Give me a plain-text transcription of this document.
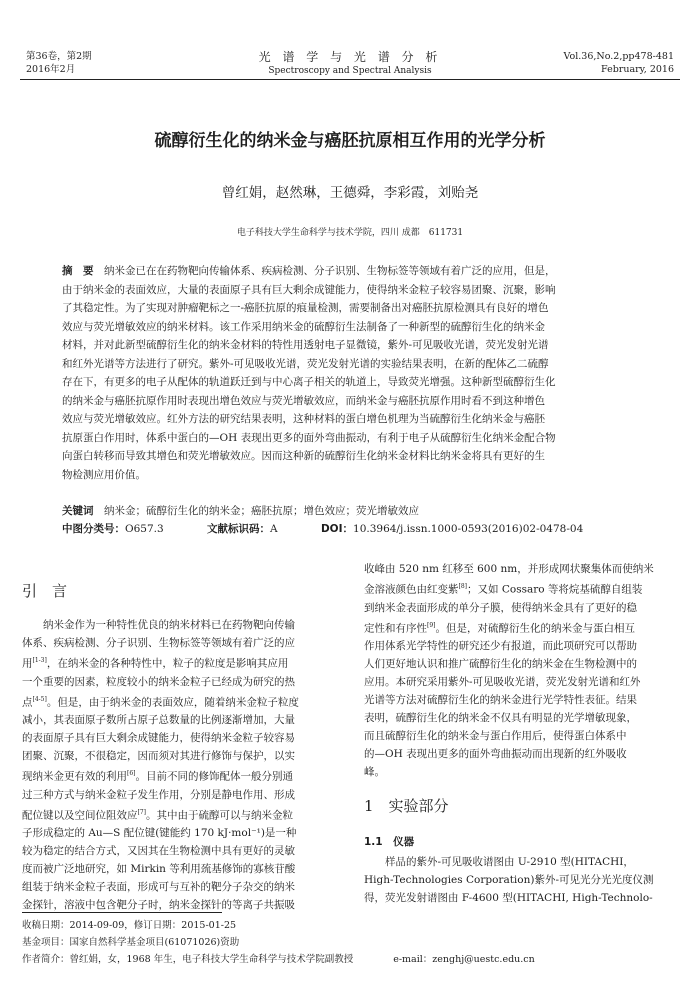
第36卷，第2期
2016年2月
光 谱 学 与 光 谱 分 析
Spectroscopy and Spectral Analysis
Vol.36,No.2,pp478-481
February, 2016
硫醇衍生化的纳米金与癌胚抗原相互作用的光学分析
曾红娟，赵然琳，王德舜，李彩霞，刘贻尧
电子科技大学生命科学与技术学院，四川 成都　611731
摘　要　 纳米金已在在药物靶向传输体系、疾病检测、分子识别、生物标签等领域有着广泛的应用，但是，
由于纳米金的表面效应，大量的表面原子具有巨大剩余成键能力，使得纳米金粒子较容易团聚、沉聚，影响
了其稳定性。为了实现对肿瘤靶标之一-癌胚抗原的痕量检测，需要制备出对癌胚抗原检测具有良好的增色
效应与荧光增敏效应的纳米材料。该工作采用纳米金的硫醇衍生法制备了一种新型的硫醇衍生化的纳米金
材料，并对此新型硫醇衍生化的纳米金材料的特性用透射电子显微镜，紫外-可见吸收光谱，荧光发射光谱
和红外光谱等方法进行了研究。紫外-可见吸收光谱，荧光发射光谱的实验结果表明，在新的配体乙二硫醇
存在下，有更多的电子从配体的轨道跃迁到与中心离子相关的轨道上，导致荧光增强。这种新型硫醇衍生化
的纳米金与癌胚抗原作用时表现出增色效应与荧光增敏效应，而纳米金与癌胚抗原作用时看不到这种增色
效应与荧光增敏效应。红外方法的研究结果表明，这种材料的蛋白增色机理为当硫醇衍生化纳米金与癌胚
抗原蛋白作用时，体系中蛋白的—OH 表现出更多的面外弯曲振动，有利于电子从硫醇衍生化纳米金配合物
向蛋白转移而导致其增色和荧光增敏效应。因而这种新的硫醇衍生化纳米金材料比纳米金将具有更好的生
物检测应用价值。
关键词　 纳米金；硫醇衍生化的纳米金；癌胚抗原；增色效应；荧光增敏效应
中图分类号：O657.3	文献标识码：A	DOI：10.3964/j.issn.1000-0593(2016)02-0478-04
引　言
纳米金作为一种特性优良的纳米材料已在药物靶向传输
体系、疾病检测、分子识别、生物标签等领域有着广泛的应
用[1-3]，在纳米金的各种特性中，粒子的粒度是影响其应用
一个重要的因素，粒度较小的纳米金粒子已经成为研究的热
点[4-5]。但是，由于纳米金的表面效应，随着纳米金粒子粒度
减小，其表面原子数所占原子总数量的比例逐渐增加，大量
的表面原子具有巨大剩余成键能力，使得纳米金粒子较容易
团聚、沉聚，不很稳定，因而须对其进行修饰与保护，以实
现纳米金更有效的利用[6]。目前不同的修饰配体一般分别通
过三种方式与纳米金粒子发生作用，分别是静电作用、形成
配位键以及空间位阻效应[7]。其中由于硫醇可以与纳米金粒
子形成稳定的 Au—S 配位键(键能约 170 kJ·mol⁻¹)是一种
较为稳定的结合方式，又因其在生物检测中具有更好的灵敏
度而被广泛地研究，如 Mirkin 等利用巯基修饰的寡核苷酸
组装于纳米金粒子表面，形成可与互补的靶分子杂交的纳米
金探针，溶液中包含靶分子时，纳米金探针的等离子共振吸
收峰由 520 nm 红移至 600 nm，并形成网状聚集体而使纳米
金溶液颜色由红变紫[8]；又如 Cossaro 等将烷基硫醇自组装
到纳米金表面形成的单分子膜，使得纳米金具有了更好的稳
定性和有序性[9]。但是，对硫醇衍生化的纳米金与蛋白相互
作用体系光学特性的研究还少有报道，而此项研究可以帮助
人们更好地认识和推广硫醇衍生化的纳米金在生物检测中的
应用。本研究采用紫外-可见吸收光谱，荧光发射光谱和红外
光谱等方法对硫醇衍生化的纳米金进行光学特性表征。结果
表明，硫醇衍生化的纳米金不仅具有明显的光学增敏现象，
而且硫醇衍生化的纳米金与蛋白作用后，使得蛋白体系中
的—OH 表现出更多的面外弯曲振动而出现新的红外吸收
峰。
1　实验部分
1.1　仪器
样品的紫外-可见吸收谱图由 U-2910 型(HITACHI，
High-Technologies Corporation)紫外-可见光分光光度仪测
得，荧光发射谱图由 F-4600 型(HITACHI, High-Technolo-
收稿日期：2014-09-09，修订日期：2015-01-25
基金项目：国家自然科学基金项目(61071026)资助
作者简介：曾红娟，女，1968 年生，电子科技大学生命科学与技术学院副教授	e-mail：zenghj@uestc.edu.cn
